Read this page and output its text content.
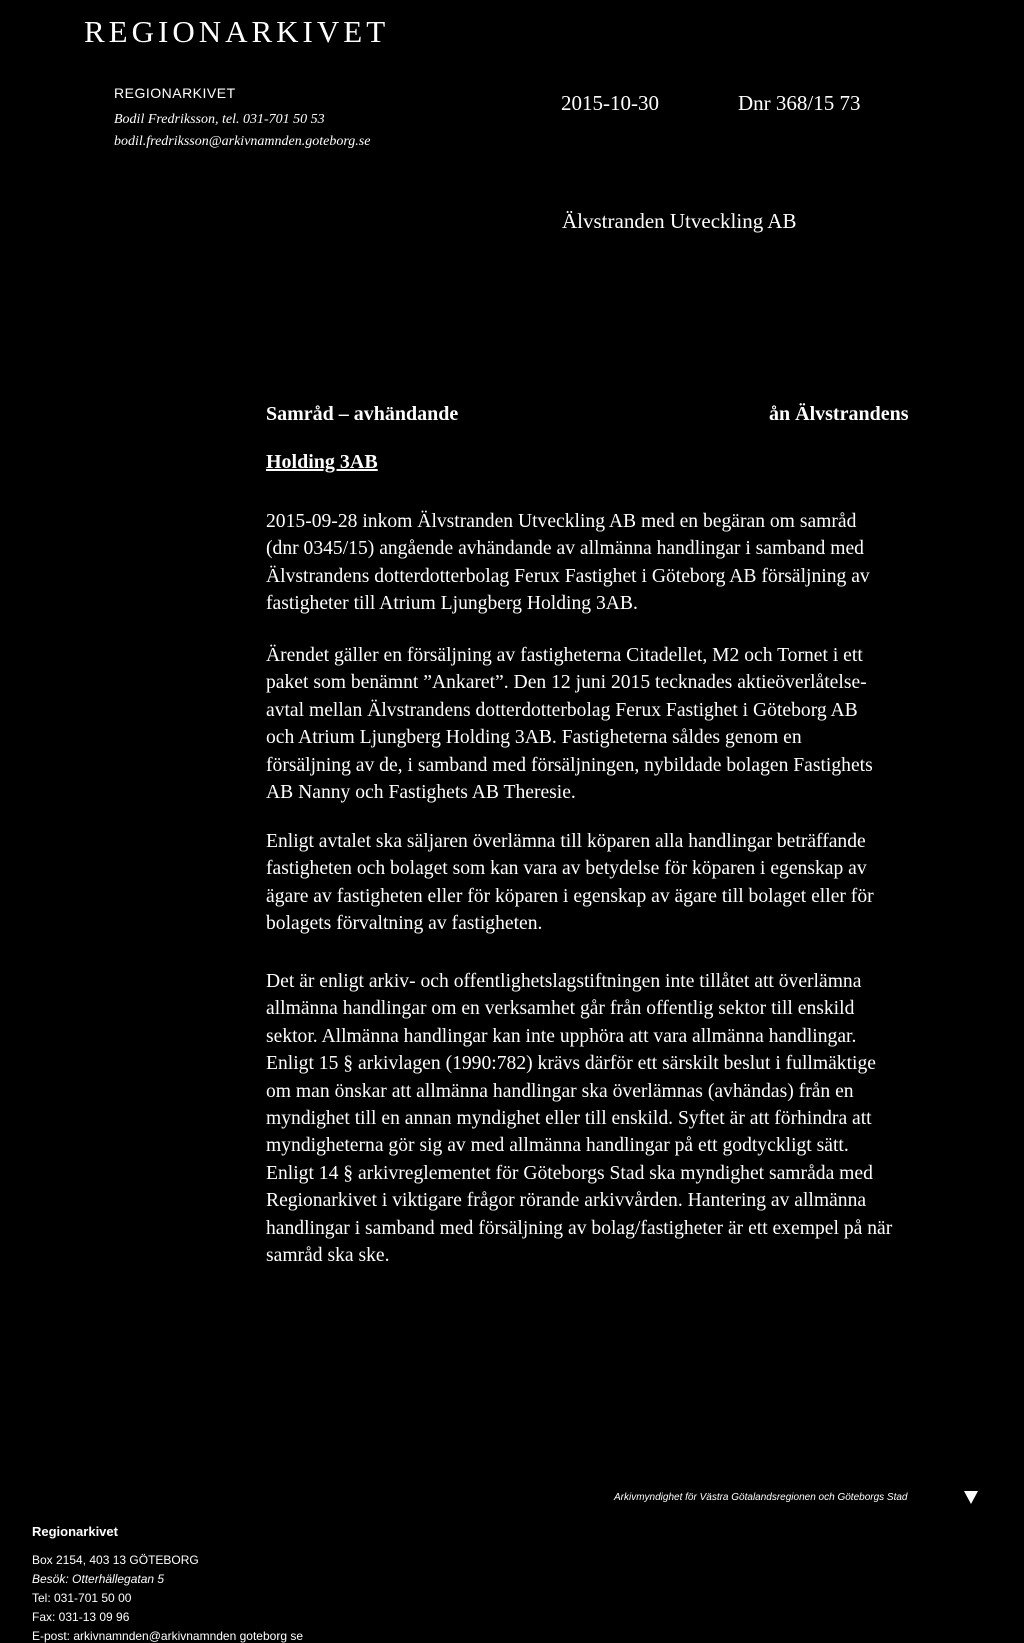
REGIONARKIVET
REGIONARKIVET
Bodil Fredriksson, tel. 031-701 50 53
bodil.fredriksson@arkivnamnden.goteborg.se
2015-10-30	Dnr 368/15 73
Älvstranden Utveckling AB
Samråd – avhändande	ån Älvstrandens
Holding 3AB
2015-09-28 inkom Älvstranden Utveckling AB med en begäran om samråd
(dnr 0345/15) angående avhändande av allmänna handlingar i samband med
Älvstrandens dotterdotterbolag Ferux Fastighet i Göteborg AB försäljning av
fastigheter till Atrium Ljungberg Holding 3AB.
Ärendet gäller en försäljning av fastigheterna Citadellet, M2 och Tornet i ett
paket som benämnt ”Ankaret”. Den 12 juni 2015 tecknades aktieöverlåtelse-
avtal mellan Älvstrandens dotterdotterbolag Ferux Fastighet i Göteborg AB
och Atrium Ljungberg Holding 3AB. Fastigheterna såldes genom en
försäljning av de, i samband med försäljningen, nybildade bolagen Fastighets
AB Nanny och Fastighets AB Theresie.
Enligt avtalet ska säljaren överlämna till köparen alla handlingar beträffande
fastigheten och bolaget som kan vara av betydelse för köparen i egenskap av
ägare av fastigheten eller för köparen i egenskap av ägare till bolaget eller för
bolagets förvaltning av fastigheten.
Det är enligt arkiv- och offentlighetslagstiftningen inte tillåtet att överlämna
allmänna handlingar om en verksamhet går från offentlig sektor till enskild
sektor. Allmänna handlingar kan inte upphöra att vara allmänna handlingar.
Enligt 15 § arkivlagen (1990:782) krävs därför ett särskilt beslut i fullmäktige
om man önskar att allmänna handlingar ska överlämnas (avhändas) från en
myndighet till en annan myndighet eller till enskild. Syftet är att förhindra att
myndigheterna gör sig av med allmänna handlingar på ett godtyckligt sätt.
Enligt 14 § arkivreglementet för Göteborgs Stad ska myndighet samråda med
Regionarkivet i viktigare frågor rörande arkivvården. Hantering av allmänna
handlingar i samband med försäljning av bolag/fastigheter är ett exempel på när
samråd ska ske.
Arkivmyndighet för Västra Götalandsregionen och Göteborgs Stad
Regionarkivet
Box 2154, 403 13 GÖTEBORG
Besök: Otterhällegatan 5
Tel: 031-701 50 00
Fax: 031-13 09 96
E-post: arkivnamnden@arkivnamnden goteborg se
